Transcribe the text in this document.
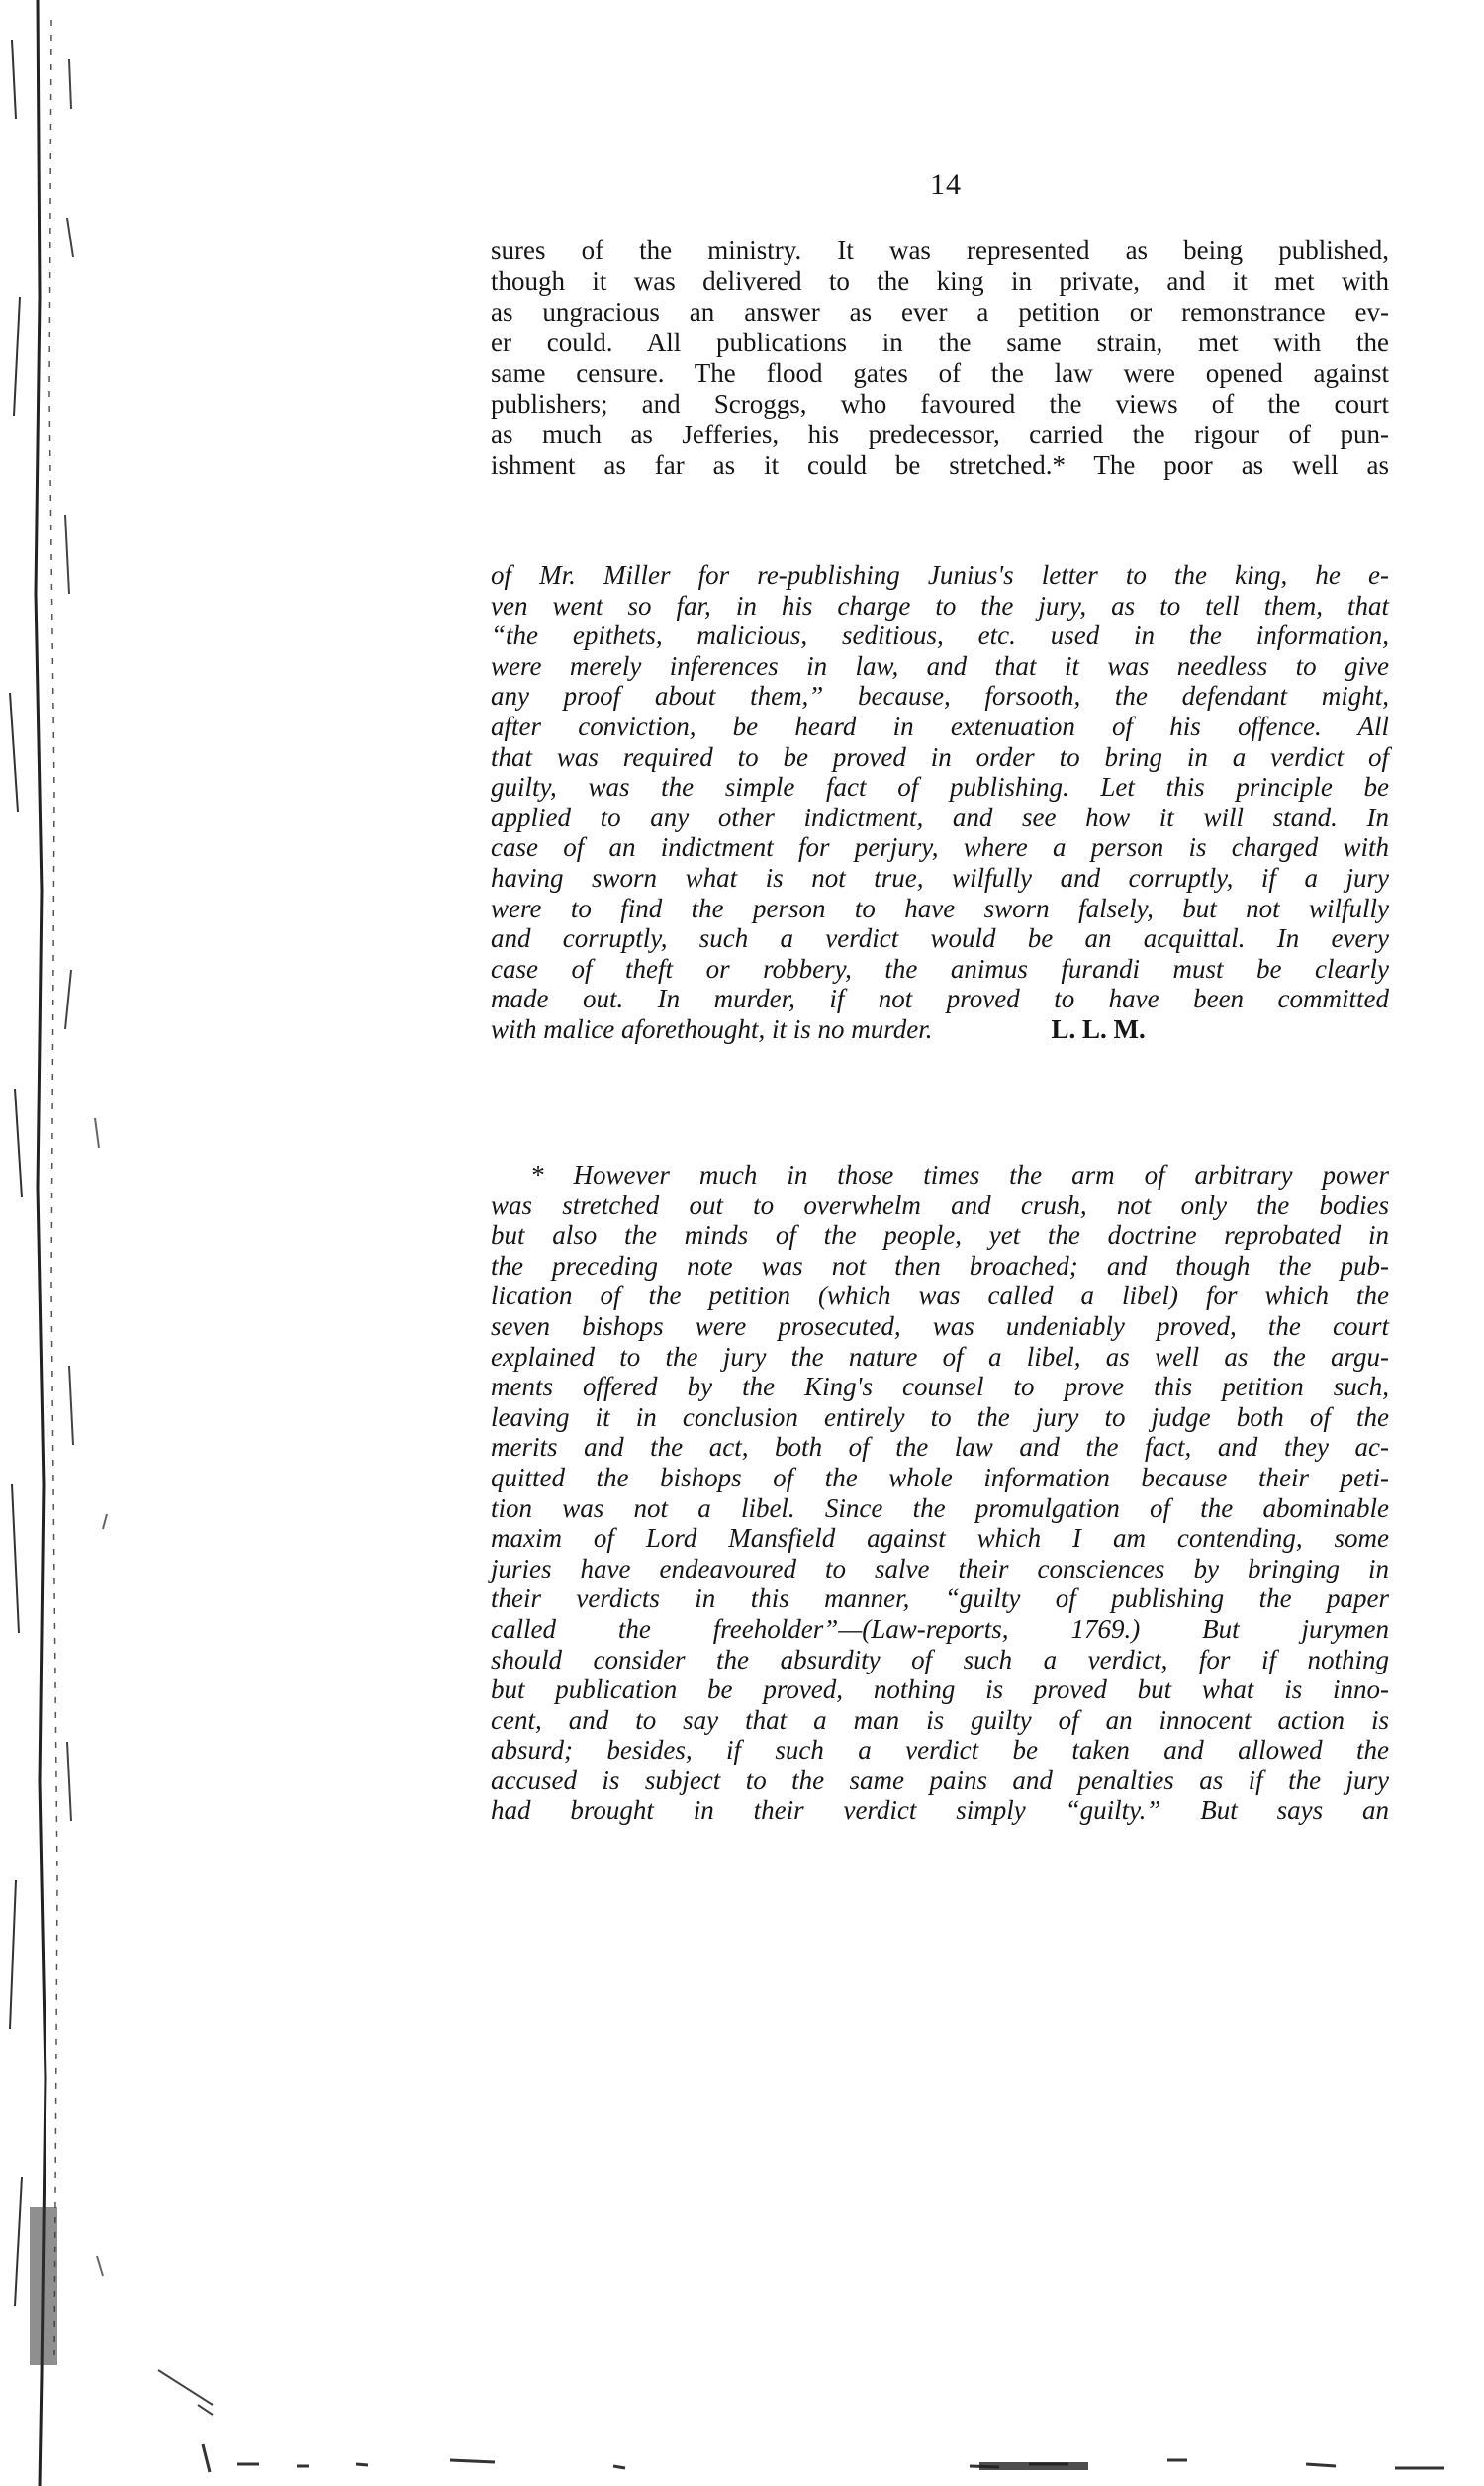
14
sures of the ministry. It was represented as being published,
though it was delivered to the king in private, and it met with
as ungracious an answer as ever a petition or remonstrance ev-
er could. All publications in the same strain, met with the
same censure. The flood gates of the law were opened against
publishers; and Scroggs, who favoured the views of the court
as much as Jefferies, his predecessor, carried the rigour of pun-
ishment as far as it could be stretched.* The poor as well as
of Mr. Miller for re-publishing Junius's letter to the king, he e-
ven went so far, in his charge to the jury, as to tell them, that
“the epithets, malicious, seditious, etc. used in the information,
were merely inferences in law, and that it was needless to give
any proof about them,” because, forsooth, the defendant might,
after conviction, be heard in extenuation of his offence. All
that was required to be proved in order to bring in a verdict of
guilty, was the simple fact of publishing. Let this principle be
applied to any other indictment, and see how it will stand. In
case of an indictment for perjury, where a person is charged with
having sworn what is not true, wilfully and corruptly, if a jury
were to find the person to have sworn falsely, but not wilfully
and corruptly, such a verdict would be an acquittal. In every
case of theft or robbery, the animus furandi must be clearly
made out. In murder, if not proved to have been committed
with malice aforethought, it is no murder.	L. L. M.
* However much in those times the arm of arbitrary power
was stretched out to overwhelm and crush, not only the bodies
but also the minds of the people, yet the doctrine reprobated in
the preceding note was not then broached; and though the pub-
lication of the petition (which was called a libel) for which the
seven bishops were prosecuted, was undeniably proved, the court
explained to the jury the nature of a libel, as well as the argu-
ments offered by the King's counsel to prove this petition such,
leaving it in conclusion entirely to the jury to judge both of the
merits and the act, both of the law and the fact, and they ac-
quitted the bishops of the whole information because their peti-
tion was not a libel. Since the promulgation of the abominable
maxim of Lord Mansfield against which I am contending, some
juries have endeavoured to salve their consciences by bringing in
their verdicts in this manner, “guilty of publishing the paper
called the freeholder”—(Law-reports, 1769.) But jurymen
should consider the absurdity of such a verdict, for if nothing
but publication be proved, nothing is proved but what is inno-
cent, and to say that a man is guilty of an innocent action is
absurd; besides, if such a verdict be taken and allowed the
accused is subject to the same pains and penalties as if the jury
had brought in their verdict simply “guilty.” But says an
